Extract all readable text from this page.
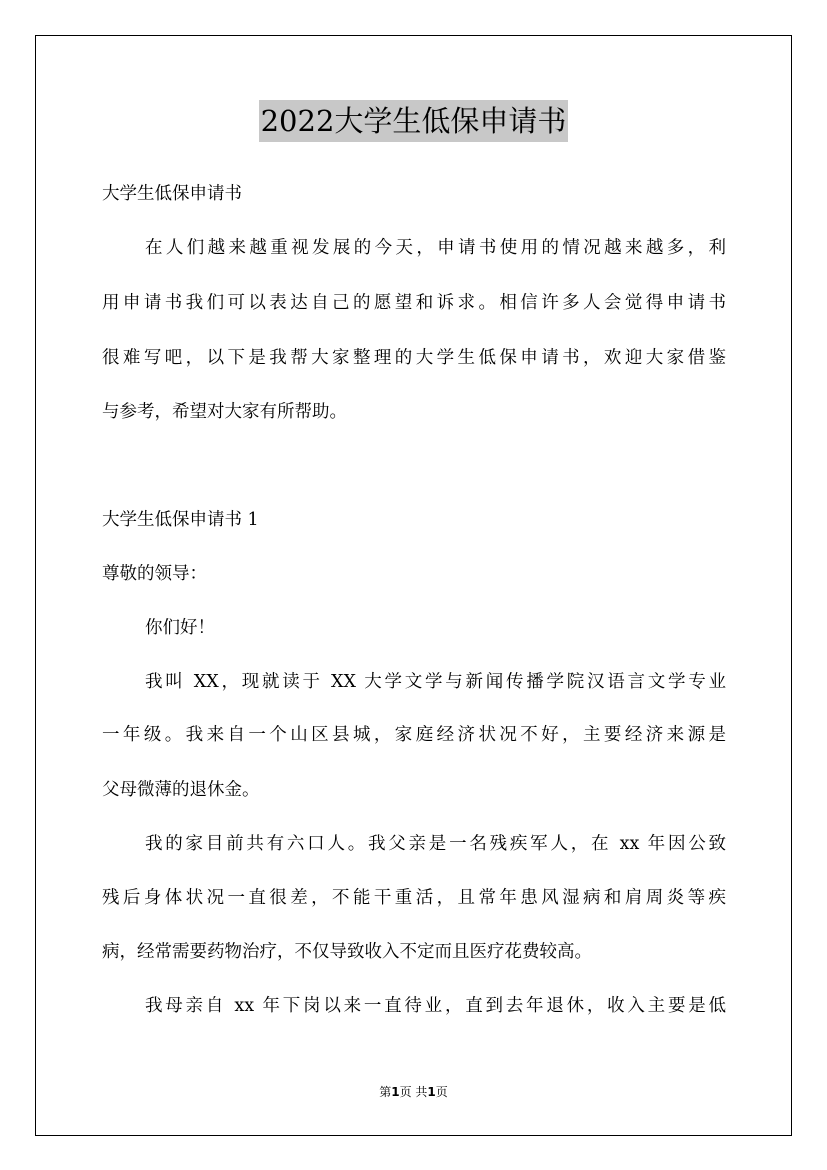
2022大学生低保申请书
大学生低保申请书
在人们越来越重视发展的今天，申请书使用的情况越来越多，利
用申请书我们可以表达自己的愿望和诉求。相信许多人会觉得申请书
很难写吧，以下是我帮大家整理的大学生低保申请书，欢迎大家借鉴
与参考，希望对大家有所帮助。
大学生低保申请书 1
尊敬的领导：
你们好！
我叫 XX，现就读于 XX 大学文学与新闻传播学院汉语言文学专业
一年级。我来自一个山区县城，家庭经济状况不好，主要经济来源是
父母微薄的退休金。
我的家目前共有六口人。我父亲是一名残疾军人，在 xx 年因公致
残后身体状况一直很差，不能干重活，且常年患风湿病和肩周炎等疾
病，经常需要药物治疗，不仅导致收入不定而且医疗花费较高。
我母亲自 xx 年下岗以来一直待业，直到去年退休，收入主要是低
第1页 共1页
